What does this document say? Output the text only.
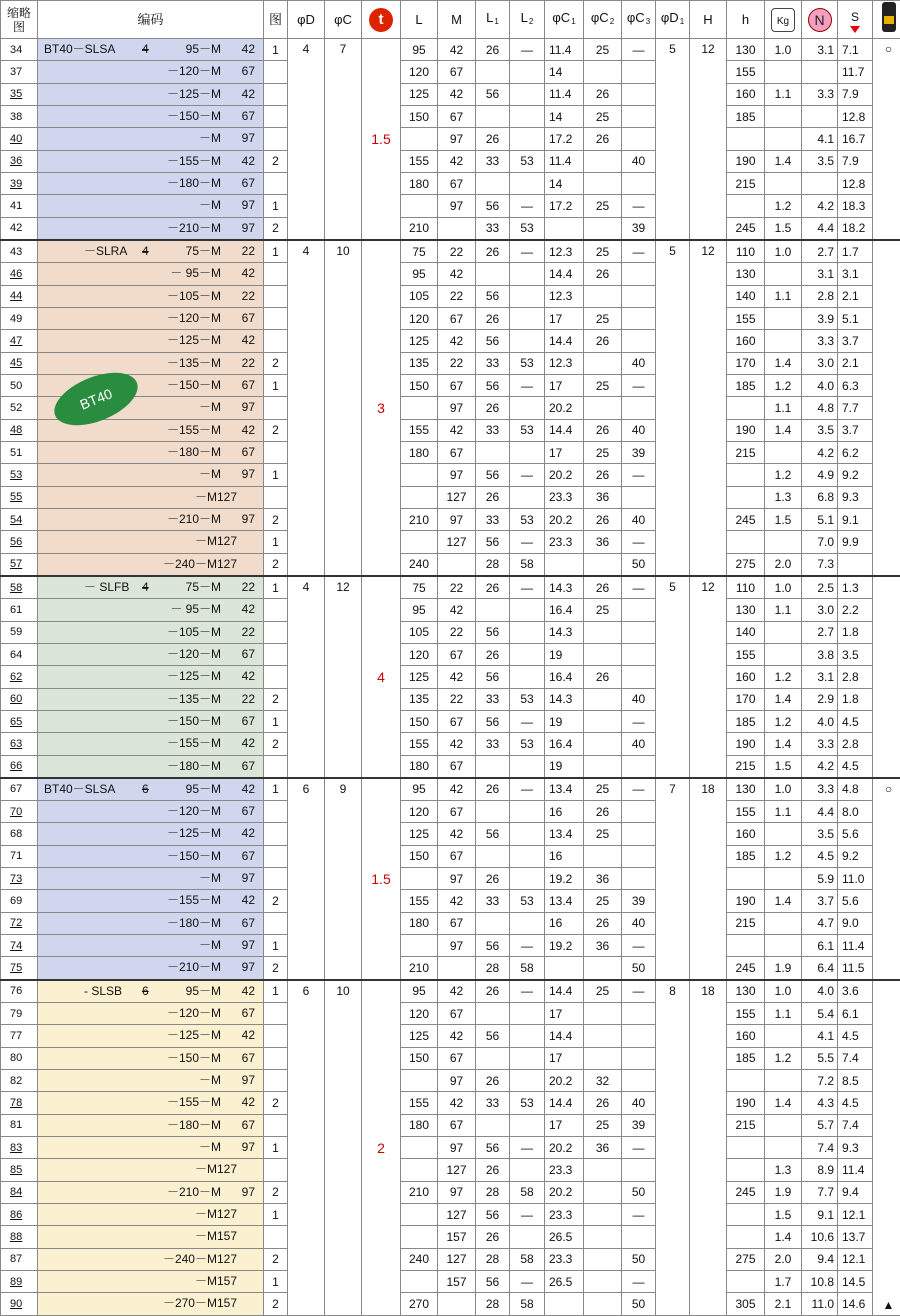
缩略
图	编码	图	φD	φC	t	L	M	$L_1$	$L_2$	$\varphi C_1$	$\varphi C_2$	$\varphi C_3$	$\varphi D_1$	H	h	Kg	N	S

34	BT40－SLSA 4 95－M 42	1	4	7	1.5	95	42	26	—	11.4	25	—	5	12	130	1.0	3.1	7.1	○
37	－120－M 67					120	67			14					155			11.7	
35	－125－M 42					125	42	56		11.4	26				160	1.1	3.3	7.9	
38	－150－M 67					150	67			14	25				185			12.8	
40	－M 97						97	26		17.2	26						4.1	16.7	
36	－155－M 42	2				155	42	33	53	11.4		40			190	1.4	3.5	7.9	
39	－180－M 67					180	67			14					215			12.8	
41	－M 97	1					97	56	—	17.2	25	—				1.2	4.2	18.3	
42	－210－M 97	2				210		33	53			39			245	1.5	4.4	18.2	
43	－SLRA 4 75－M 22	1	4	10	3	75	22	26	—	12.3	25	—	5	12	110	1.0	2.7	1.7	
46	－ 95－M 42					95	42			14.4	26				130		3.1	3.1	
44	－105－M 22					105	22	56		12.3					140	1.1	2.8	2.1	
49	－120－M 67					120	67	26		17	25				155		3.9	5.1	
47	－125－M 42					125	42	56		14.4	26				160		3.3	3.7	
45	－135－M 22	2				135	22	33	53	12.3		40			170	1.4	3.0	2.1	
50	－150－M 67	1				150	67	56	—	17	25	—			185	1.2	4.0	6.3	
52	－M 97						97	26		20.2						1.1	4.8	7.7	
48	－155－M 42	2				155	42	33	53	14.4	26	40			190	1.4	3.5	3.7	
51	－180－M 67					180	67			17	25	39			215		4.2	6.2	
53	－M 97	1					97	56	—	20.2	26	—				1.2	4.9	9.2	
55	－M127						127	26		23.3	36					1.3	6.8	9.3	
54	－210－M 97	2				210	97	33	53	20.2	26	40			245	1.5	5.1	9.1	
56	－M127	1					127	56	—	23.3	36	—					7.0	9.9	
57	－240－M127	2				240		28	58			50			275	2.0	7.3		
58	－ SLFB 4 75－M 22	1	4	12	4	75	22	26	—	14.3	26	—	5	12	110	1.0	2.5	1.3	
61	－ 95－M 42					95	42			16.4	25				130	1.1	3.0	2.2	
59	－105－M 22					105	22	56		14.3					140		2.7	1.8	
64	－120－M 67					120	67	26		19					155		3.8	3.5	
62	－125－M 42					125	42	56		16.4	26				160	1.2	3.1	2.8	
60	－135－M 22	2				135	22	33	53	14.3		40			170	1.4	2.9	1.8	
65	－150－M 67	1				150	67	56	—	19		—			185	1.2	4.0	4.5	
63	－155－M 42	2				155	42	33	53	16.4		40			190	1.4	3.3	2.8	
66	－180－M 67					180	67			19					215	1.5	4.2	4.5	
67	BT40－SLSA 6 95－M 42	1	6	9	1.5	95	42	26	—	13.4	25	—	7	18	130	1.0	3.3	4.8	○
70	－120－M 67					120	67			16	26				155	1.1	4.4	8.0	
68	－125－M 42					125	42	56		13.4	25				160		3.5	5.6	
71	－150－M 67					150	67			16					185	1.2	4.5	9.2	
73	－M 97						97	26		19.2	36						5.9	11.0	
69	－155－M 42	2				155	42	33	53	13.4	25	39			190	1.4	3.7	5.6	
72	－180－M 67					180	67			16	26	40			215		4.7	9.0	
74	－M 97	1					97	56	—	19.2	36	—					6.1	11.4	
75	－210－M 97	2				210		28	58			50			245	1.9	6.4	11.5	
76	- SLSB 6 95－M 42	1	6	10	2	95	42	26	—	14.4	25	—	8	18	130	1.0	4.0	3.6	▲
79	－120－M 67					120	67			17					155	1.1	5.4	6.1	
77	－125－M 42					125	42	56		14.4					160		4.1	4.5	
80	－150－M 67					150	67			17					185	1.2	5.5	7.4	
82	－M 97						97	26		20.2	32						7.2	8.5	
78	－155－M 42	2				155	42	33	53	14.4	26	40			190	1.4	4.3	4.5	
81	－180－M 67					180	67			17	25	39			215		5.7	7.4	
83	－M 97	1					97	56	—	20.2	36	—					7.4	9.3	
85	－M127						127	26		23.3						1.3	8.9	11.4	
84	－210－M 97	2				210	97	28	58	20.2		50			245	1.9	7.7	9.4	
86	－M127	1					127	56	—	23.3		—				1.5	9.1	12.1	
88	－M157						157	26		26.5						1.4	10.6	13.7	
87	－240－M127	2				240	127	28	58	23.3		50			275	2.0	9.4	12.1	
89	－M157	1					157	56	—	26.5		—				1.7	10.8	14.5	
90	－270－M157	2				270		28	58			50			305	2.1	11.0	14.6	
BT40
